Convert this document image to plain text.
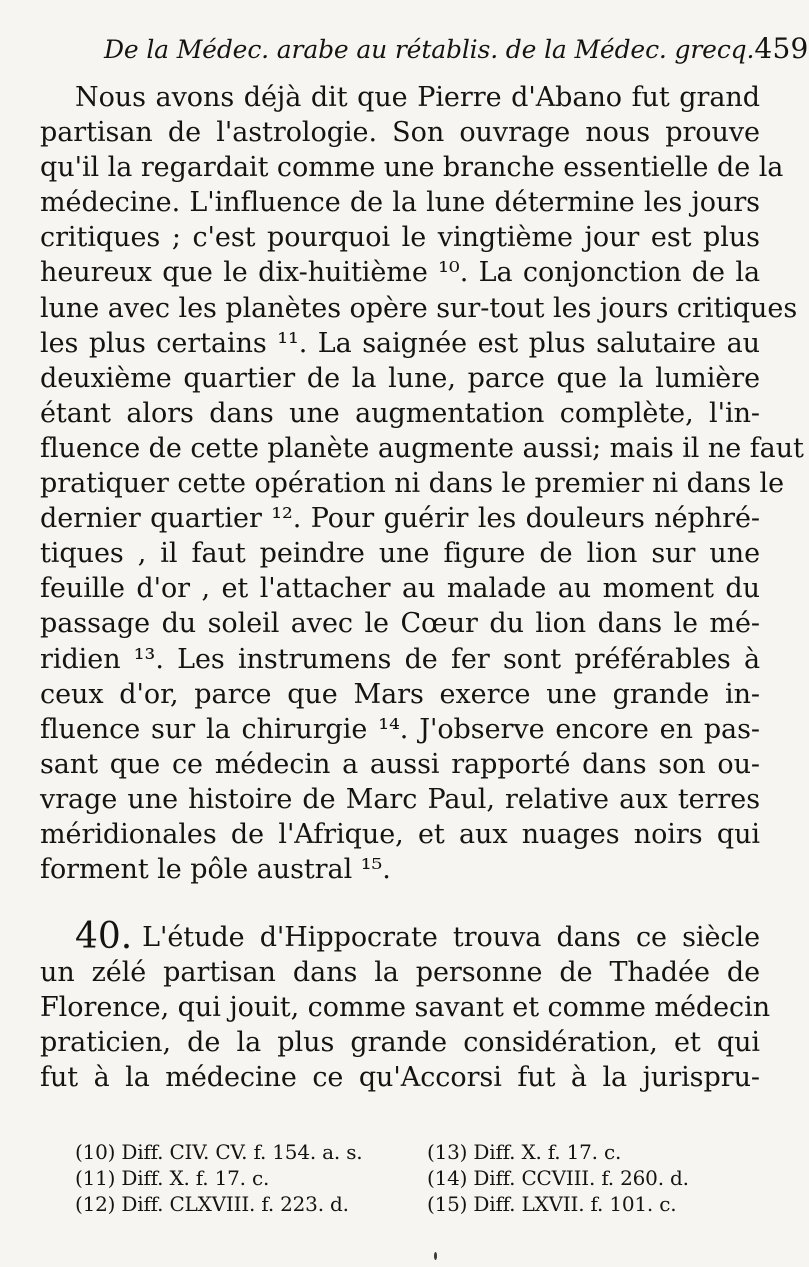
De la Médec. arabe au rétablis. de la Médec. grecq. 459
Nous avons déjà dit que Pierre d'Abano fut grand
partisan de l'astrologie. Son ouvrage nous prouve
qu'il la regardait comme une branche essentielle de la
médecine. L'influence de la lune détermine les jours
critiques ; c'est pourquoi le vingtième jour est plus
heureux que le dix-huitième ¹⁰. La conjonction de la
lune avec les planètes opère sur-tout les jours critiques
les plus certains ¹¹. La saignée est plus salutaire au
deuxième quartier de la lune, parce que la lumière
étant alors dans une augmentation complète, l'in-
fluence de cette planète augmente aussi; mais il ne faut
pratiquer cette opération ni dans le premier ni dans le
dernier quartier ¹². Pour guérir les douleurs néphré-
tiques , il faut peindre une figure de lion sur une
feuille d'or , et l'attacher au malade au moment du
passage du soleil avec le Cœur du lion dans le mé-
ridien ¹³. Les instrumens de fer sont préférables à
ceux d'or, parce que Mars exerce une grande in-
fluence sur la chirurgie ¹⁴. J'observe encore en pas-
sant que ce médecin a aussi rapporté dans son ou-
vrage une histoire de Marc Paul, relative aux terres
méridionales de l'Afrique, et aux nuages noirs qui
forment le pôle austral ¹⁵.
40. L'étude d'Hippocrate trouva dans ce siècle
un zélé partisan dans la personne de Thadée de
Florence, qui jouit, comme savant et comme médecin
praticien, de la plus grande considération, et qui
fut à la médecine ce qu'Accorsi fut à la jurispru-
(10) Diff. CIV. CV. f. 154. a. s.	(13) Diff. X. f. 17. c.
(11) Diff. X. f. 17. c.	(14) Diff. CCVIII. f. 260. d.
(12) Diff. CLXVIII. f. 223. d.	(15) Diff. LXVII. f. 101. c.
